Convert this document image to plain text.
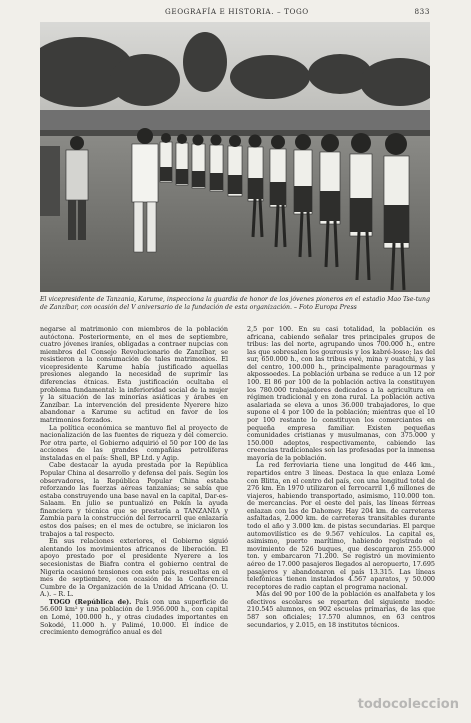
GEOGRAFÍA E HISTORIA. – TOGO	833
El vicepresidente de Tanzania, Karume, inspecciona la guardia de honor de los jóvenes pioneros en el estadio Mao Tse-tung de Zanzíbar, con ocasión del V aniversario de la fundación de esta organización. – Foto Europa Press

negarse al matrimonio con miembros de la población autóctona. Posteriormente, en el mes de septiembre, cuatro jóvenes iraníes, obligadas a contraer nupcias con miembros del Consejo Revolucionario de Zanzíbar, se resistieron a la consumación de tales matrimonios. El vicepresidente Karume había justificado aquellas presiones alegando la necesidad de suprimir las diferencias étnicas. Esta justificación ocultaba el problema fundamental: la inferioridad social de la mujer y la situación de las minorías asiáticas y árabes en Zanzíbar. La intervención del presidente Nyerere hizo abandonar a Karume su actitud en favor de los matrimonios forzados.

La política económica se mantuvo fiel al proyecto de nacionalización de las fuentes de riqueza y del comercio. Por otra parte, el Gobierno adquirió el 50 por 100 de las acciones de las grandes compañías petrolíferas instaladas en el país: Shell, BP Ltd. y Agip.

Cabe destacar la ayuda prestada por la República Popular China al desarrollo y defensa del país. Según los observadores, la República Popular China estaba reforzando las fuerzas aéreas tanzanias; se sabía que estaba construyendo una base naval en la capital, Dar-es-Salaam. En julio se puntualizó en Pekín la ayuda financiera y técnica que se prestaría a TANZANIA y Zambia para la construcción del ferrocarril que enlazaría estos dos países; en el mes de octubre, se iniciaron los trabajos a tal respecto.

En sus relaciones exteriores, el Gobierno siguió alentando los movimientos africanos de liberación. El apoyo prestado por el presidente Nyerere a los secesionistas de Biafra contra el gobierno central de Nigeria ocasionó tensiones con este país, resueltas en el mes de septiembre, con ocasión de la Conferencia Cumbre de la Organización de la Unidad Africana (O. U. A.). – R. L.

TOGO (República de). País con una superficie de 56.600 km² y una población de 1.956.000 h., con capital en Lomé, 100.000 h., y otras ciudades importantes en Sokodé, 11.000 h. y Palimé, 10.000. El índice de crecimiento demográfico anual es del

2,5 por 100. En su casi totalidad, la población es africana, cabiendo señalar tres principales grupos de tribus: las del norte, agrupando unos 700.000 h., entre las que sobresalen los gourousis y los kabré-losso; las del sur, 650.000 h., con las tribus ewé, mina y ouatchi, y las del centro, 100.000 h., principalmente paragourmas y akpossoedes. La población urbana se reduce a un 12 por 100. El 86 por 100 de la población activa la constituyen los 780.000 trabajadores dedicados a la agricultura en régimen tradicional y en zona rural. La población activa asalariada se eleva a unos 36.000 trabajadores, lo que supone el 4 por 100 de la población; mientras que el 10 por 100 restante lo constituyen los comerciantes en pequeña empresa familiar. Existen pequeñas comunidades cristianas y musulmanas, con 375.000 y 150.000 adeptos, respectivamente, cabiendo las creencias tradicionales son las profesadas por la inmensa mayoría de la población.

La red ferroviaria tiene una longitud de 446 km., repartidos entre 3 líneas. Destaca la que enlaza Lomé con Blitta, en el centro del país, con una longitud total de 276 km. En 1970 utilizaron el ferrocarril 1,6 millones de viajeros, habiendo transportado, asimismo, 110.000 ton. de mercancías. Por el oeste del país, las líneas férreas enlazan con las de Dahomey. Hay 204 km. de carreteras asfaltadas, 2.000 km. de carreteras transitables durante todo el año y 3.000 km. de pistas secundarias. El parque automovilístico es de 9.567 vehículos. La capital es, asimismo, puerto marítimo, habiendo registrado el movimiento de 526 buques, que descargaron 255.000 ton. y embarcaron 71.200. Se registró un movimiento aéreo de 17.000 pasajeros llegados al aeropuerto, 17.695 pasajeros y abandonaron el país 13.315. Las líneas telefónicas tienen instalados 4.567 aparatos, y 50.000 receptores de radio captan el programa nacional.

Más del 90 por 100 de la población es analfabeta y los efectivos escolares se reparten del siguiente modo: 210.545 alumnos, en 902 escuelas primarias, de las que 587 son oficiales; 17.570 alumnos, en 63 centros secundarios, y 2.015, en 18 institutos técnicos.

todocoleccion
